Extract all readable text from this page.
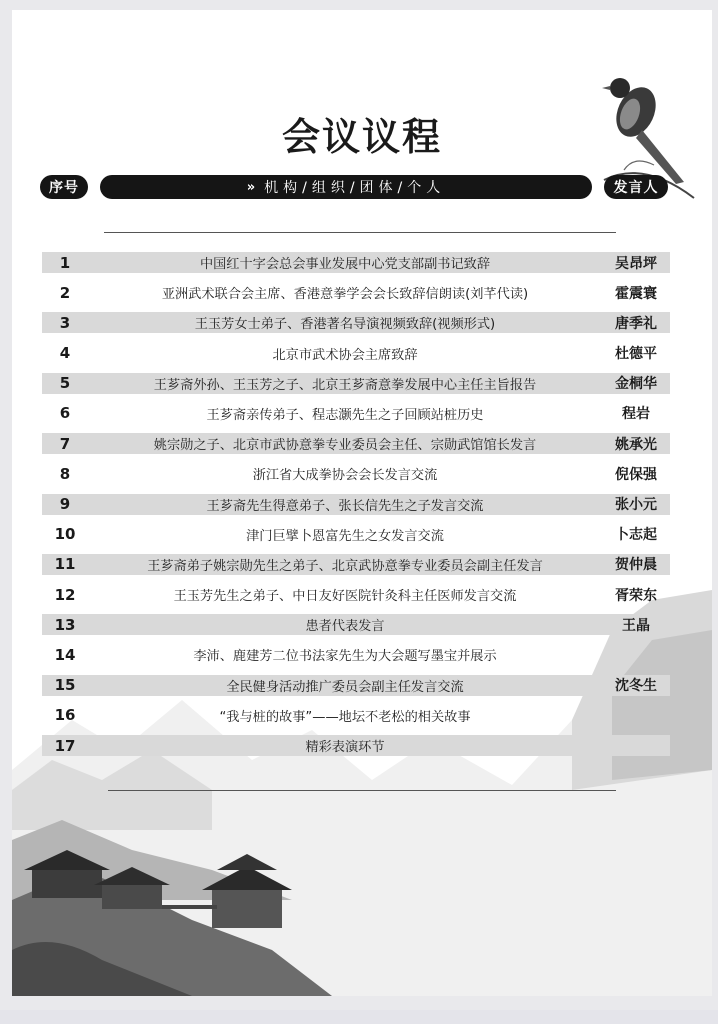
会议议程
序号	» 机构/组织/团体/个人	发言人
1	中国红十字会总会事业发展中心党支部副书记致辞	吴昂坪
2	亚洲武术联合会主席、香港意拳学会会长致辞信朗读(刘芊代读)	霍震寰
3	王玉芳女士弟子、香港著名导演视频致辞(视频形式)	唐季礼
4	北京市武术协会主席致辞	杜德平
5	王芗斋外孙、王玉芳之子、北京王芗斋意拳发展中心主任主旨报告	金桐华
6	王芗斋亲传弟子、程志灏先生之子回顾站桩历史	程岩
7	姚宗勋之子、北京市武协意拳专业委员会主任、宗勋武馆馆长发言	姚承光
8	浙江省大成拳协会会长发言交流	倪保强
9	王芗斋先生得意弟子、张长信先生之子发言交流	张小元
10	津门巨擘卜恩富先生之女发言交流	卜志起
11	王芗斋弟子姚宗勋先生之弟子、北京武协意拳专业委员会副主任发言	贺仲晨
12	王玉芳先生之弟子、中日友好医院针灸科主任医师发言交流	胥荣东
13	患者代表发言	王晶
14	李沛、鹿建芳二位书法家先生为大会题写墨宝并展示
15	全民健身活动推广委员会副主任发言交流	沈冬生
16	“我与桩的故事”——地坛不老松的相关故事
17	精彩表演环节
